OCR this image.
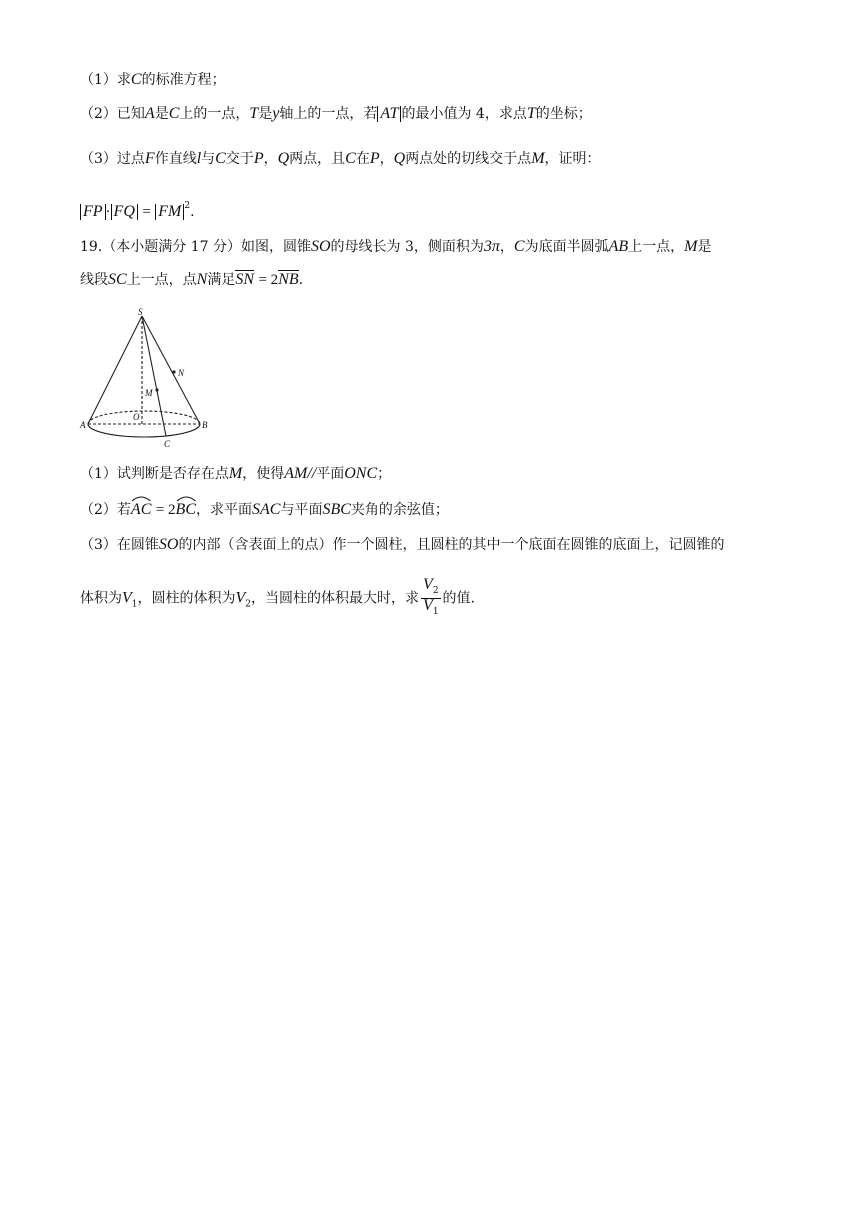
（1）求C的标准方程；
（2）已知A是C上的一点，T是y轴上的一点，若 AT 的最小值为 4，求点T的坐标；
（3）过点F作直线l与C交于P，Q两点，且C在P，Q两点处的切线交于点M，证明：
FP · FQ = FM $^2$.
19.（本小题满分 17 分）如图，圆锥SO的母线长为 3，侧面积为3π，C为底面半圆弧AB上一点，M是
线段SC上一点，点N满足SN = 2NB.
S
N
M
O
A	B
C
（1）试判断是否存在点M，使得AM//平面ONC；
（2）若
AC = 2
BC，求平面SAC与平面SBC夹角的余弦值；
（3）在圆锥SO的内部（含表面上的点）作一个圆柱，且圆柱的其中一个底面在圆锥的底面上，记圆锥的
体积为$V_1$，圆柱的体积为$V_2$，当圆柱的体积最大时，求 $\frac{V_2}{V_1}$ 的值.
